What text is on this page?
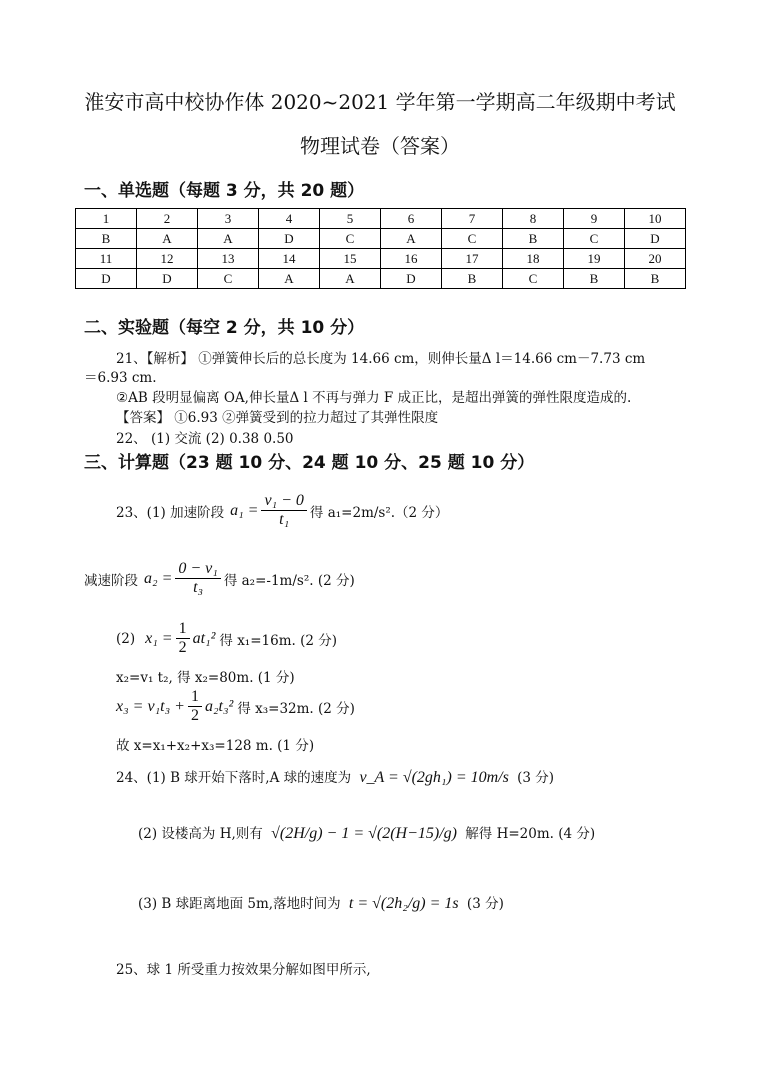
淮安市高中校协作体 2020~2021 学年第一学期高二年级期中考试
物理试卷（答案）
一、单选题（每题 3 分，共 20 题）
1	2	3	4	5	6	7	8	9	10
B	A	A	D	C	A	C	B	C	D
11	12	13	14	15	16	17	18	19	20
D	D	C	A	A	D	B	C	B	B
二、实验题（每空 2 分，共 10 分）
21、【解析】 ①弹簧伸长后的总长度为 14.66 cm，则伸长量Δ l＝14.66 cm－7.73 cm
＝6.93 cm.
②AB 段明显偏离 OA,伸长量Δ l 不再与弹力 F 成正比，是超出弹簧的弹性限度造成的.
【答案】 ①6.93 ②弹簧受到的拉力超过了其弹性限度
22、 (1) 交流 (2) 0.38 0.50
三、计算题（23 题 10 分、24 题 10 分、25 题 10 分）
23、(1) 加速阶段 $a_1 = \frac{\text{v₁ − 0}}{\text{t₁}}$ 得 a₁=2m/s².（2 分）
减速阶段 $a_2 = \frac{\text{0 − v₁}}{\text{t₃}}$ 得 a₂=-1m/s². (2 分)
(2) $x_1 = \frac{1}{2} at_1^2$ 得 x₁=16m. (2 分)
x₂=v₁ t₂, 得 x₂=80m. (1 分)
$x_3 = v_1t_3 + \frac{1}{2} a_2t_3^2$ 得 x₃=32m. (2 分)
故 x=x₁+x₂+x₃=128 m. (1 分)
24、(1) B 球开始下落时,A 球的速度为 v_A = √(2gh₁) = 10m/s (3 分)
(2) 设楼高为 H,则有 √(2H/g) − 1 = √(2(H−15)/g) 解得 H=20m. (4 分)
(3) B 球距离地面 5m,落地时间为 t = √(2h₂/g) = 1s (3 分)
25、球 1 所受重力按效果分解如图甲所示,
